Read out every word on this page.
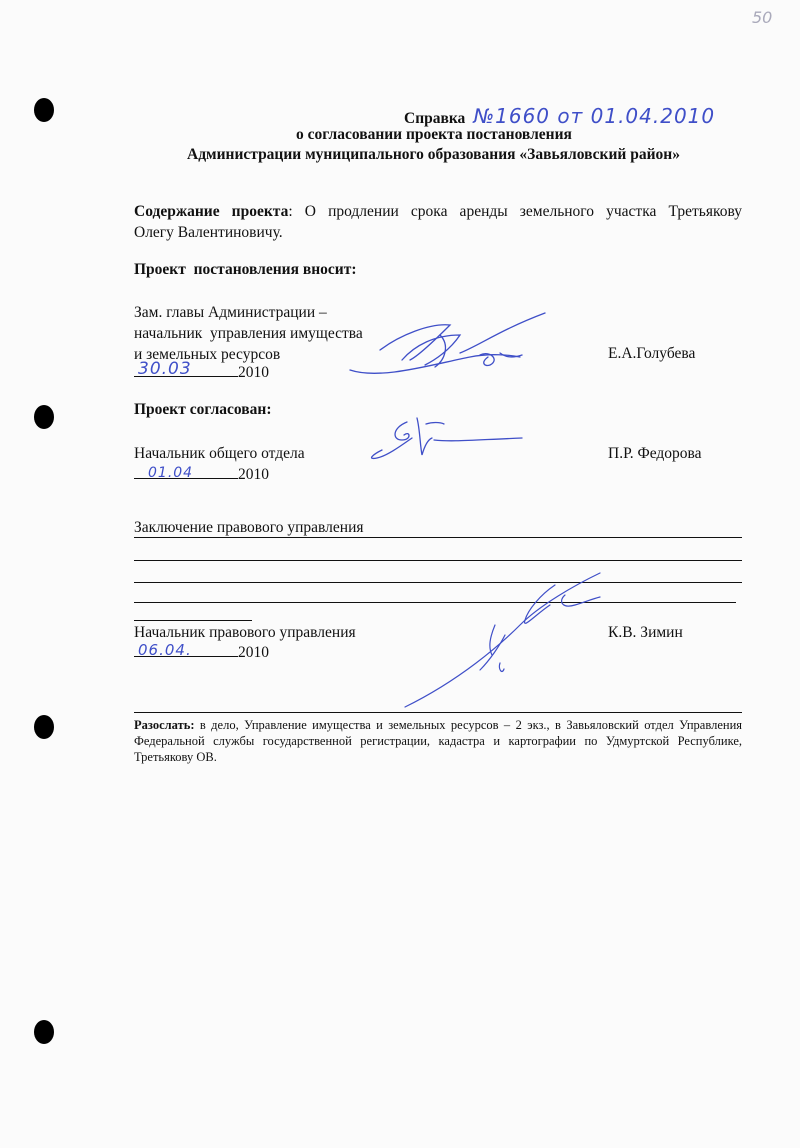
50
Справка №1660 от 01.04.2010
о согласовании проекта постановления
Администрации муниципального образования «Завьяловский район»
Содержание проекта: О продлении срока аренды земельного участка Третьякову
Олегу Валентиновичу.
Проект  постановления вносит:
Зам. главы Администрации –
начальник  управления имущества
и земельных ресурсов
30.03	2010
Е.А.Голубева
Проект согласован:
Начальник общего отдела
01.04	2010
П.Р. Федорова
Заключение правового управления
Начальник правового управления
06.04.	2010
К.В. Зимин
Разослать: в дело, Управление имущества и земельных ресурсов – 2 экз., в Завьяловский отдел Управления Федеральной службы государственной регистрации, кадастра и картографии по Удмуртской Республике, Третьякову ОВ.
